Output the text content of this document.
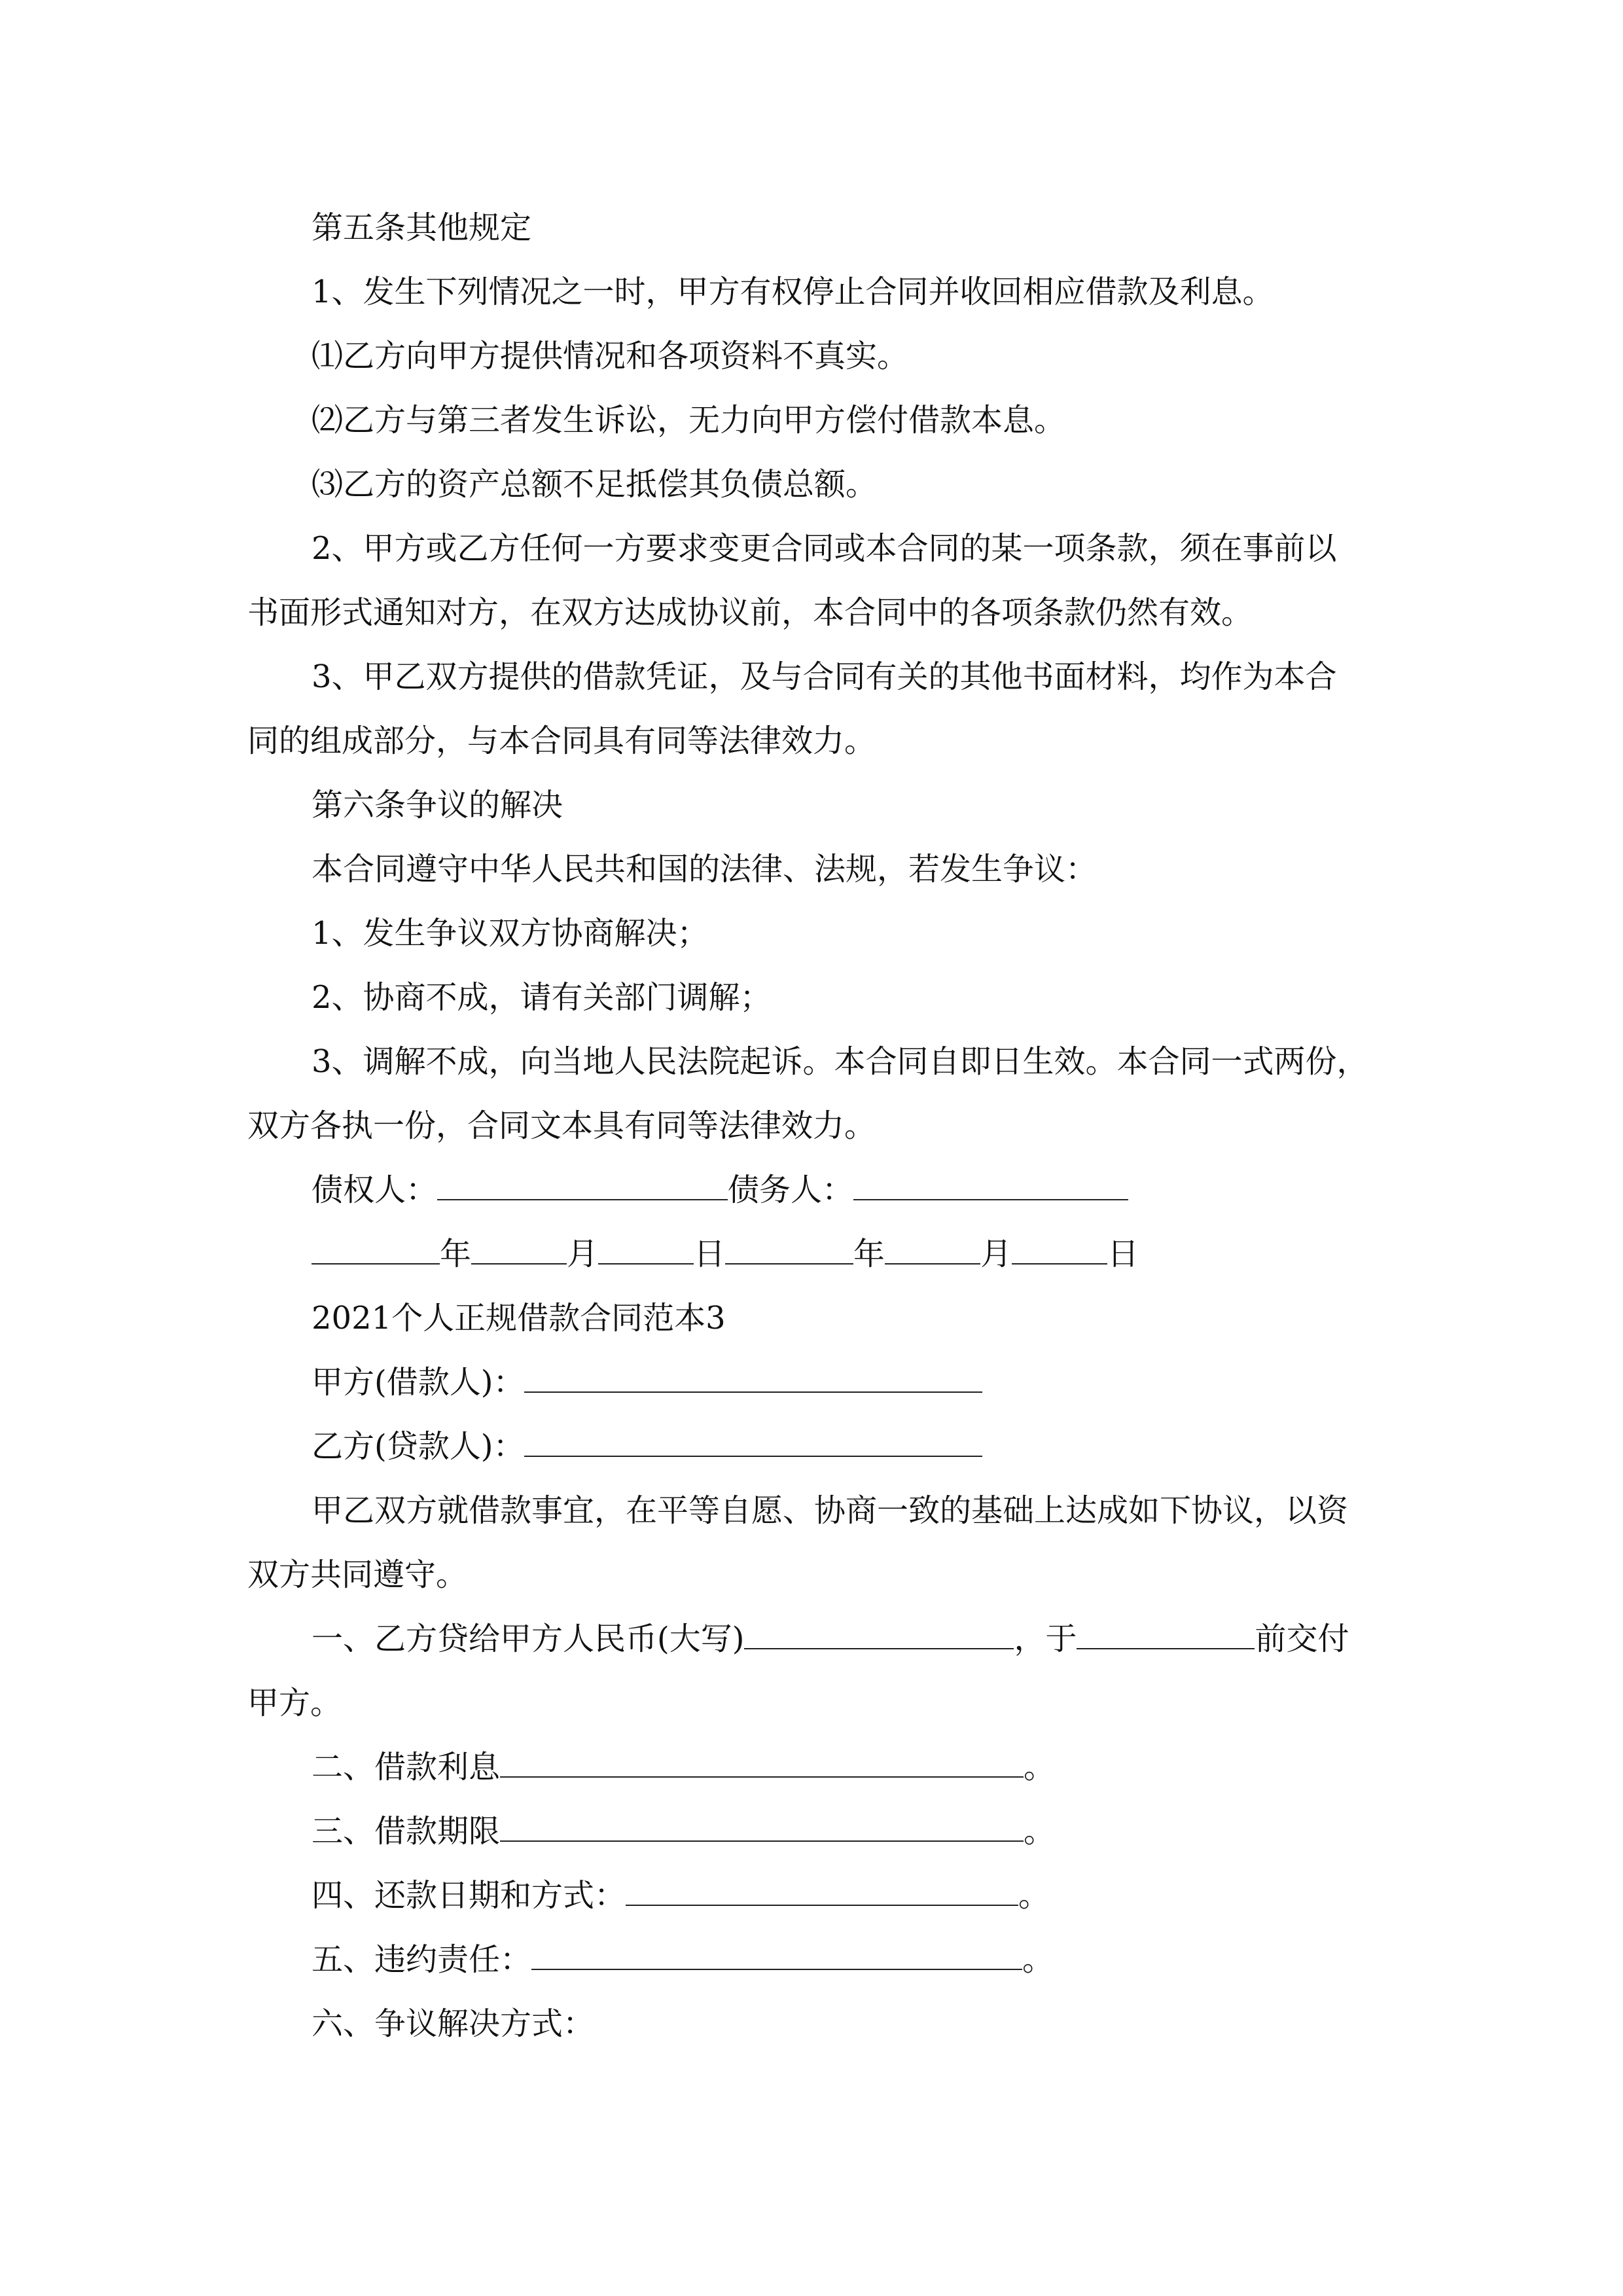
第五条其他规定
1、发生下列情况之一时，甲方有权停止合同并收回相应借款及利息。
⑴乙方向甲方提供情况和各项资料不真实。
⑵乙方与第三者发生诉讼，无力向甲方偿付借款本息。
⑶乙方的资产总额不足抵偿其负债总额。
2、甲方或乙方任何一方要求变更合同或本合同的某一项条款，须在事前以
书面形式通知对方，在双方达成协议前，本合同中的各项条款仍然有效。
3、甲乙双方提供的借款凭证，及与合同有关的其他书面材料，均作为本合
同的组成部分，与本合同具有同等法律效力。
第六条争议的解决
本合同遵守中华人民共和国的法律、法规，若发生争议：
1、发生争议双方协商解决；
2、协商不成，请有关部门调解；
3、调解不成，向当地人民法院起诉。本合同自即日生效。本合同一式两份，
双方各执一份，合同文本具有同等法律效力。
债权人：	债务人：
年	月	日	年	月	日
2021个人正规借款合同范本3
甲方(借款人)：
乙方(贷款人)：
甲乙双方就借款事宜，在平等自愿、协商一致的基础上达成如下协议，以资
双方共同遵守。
一、乙方贷给甲方人民币(大写)	，于	前交付
甲方。
二、借款利息	。
三、借款期限	。
四、还款日期和方式：	。
五、违约责任：	。
六、争议解决方式：
